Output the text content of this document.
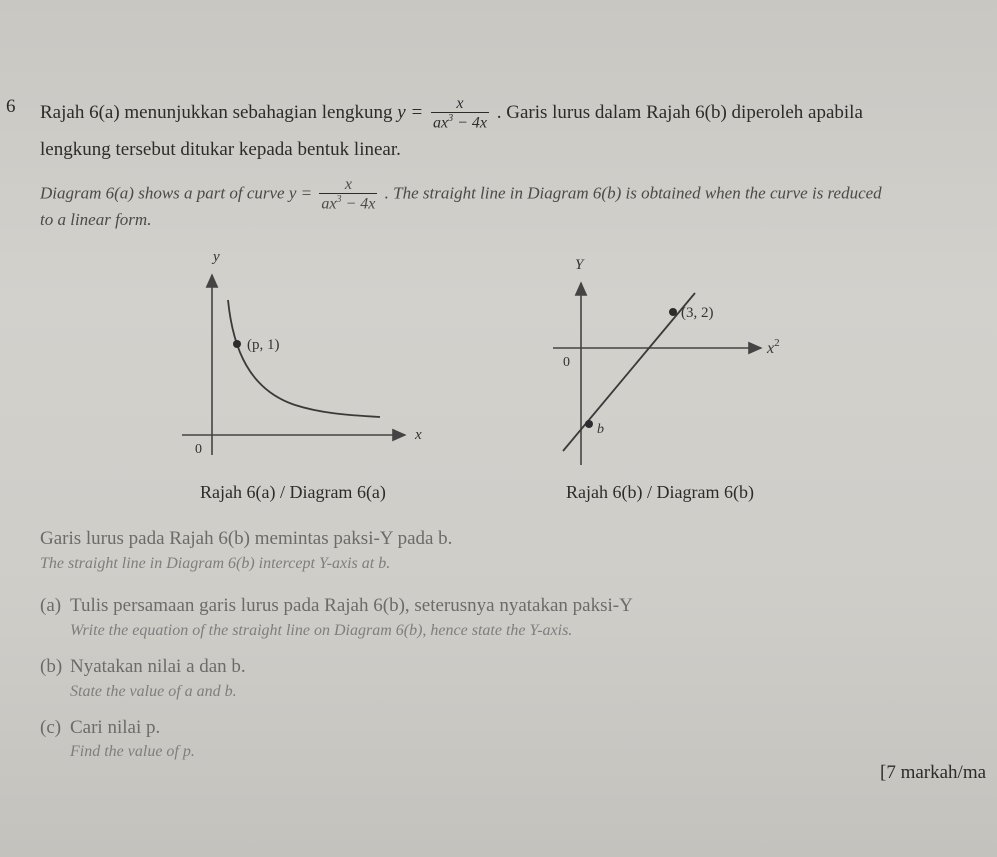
6 Rajah 6(a) menunjukkan sebahagian lengkung $y = \frac{x}{ax^3 - 4x}$ . Garis lurus dalam Rajah 6(b) diperoleh apabila
lengkung tersebut ditukar kepada bentuk linear.
Diagram 6(a) shows a part of curve $y = \frac{x}{ax^3 - 4x}$ . The straight line in Diagram 6(b) is obtained when the curve is reduced
to a linear form.
y
x
0
(p, 1)
Y
$x^2$
0
(3, 2)
b
Rajah 6(a) / Diagram 6(a)	Rajah 6(b) / Diagram 6(b)
Garis lurus pada Rajah 6(b) memintas paksi-Y pada b.
The straight line in Diagram 6(b) intercept Y-axis at b.
(a) Tulis persamaan garis lurus pada Rajah 6(b), seterusnya nyatakan paksi-Y
Write the equation of the straight line on Diagram 6(b), hence state the Y-axis.
(b) Nyatakan nilai a dan b.
State the value of a and b.
(c) Cari nilai p.
Find the value of p.
[7 markah/ma
